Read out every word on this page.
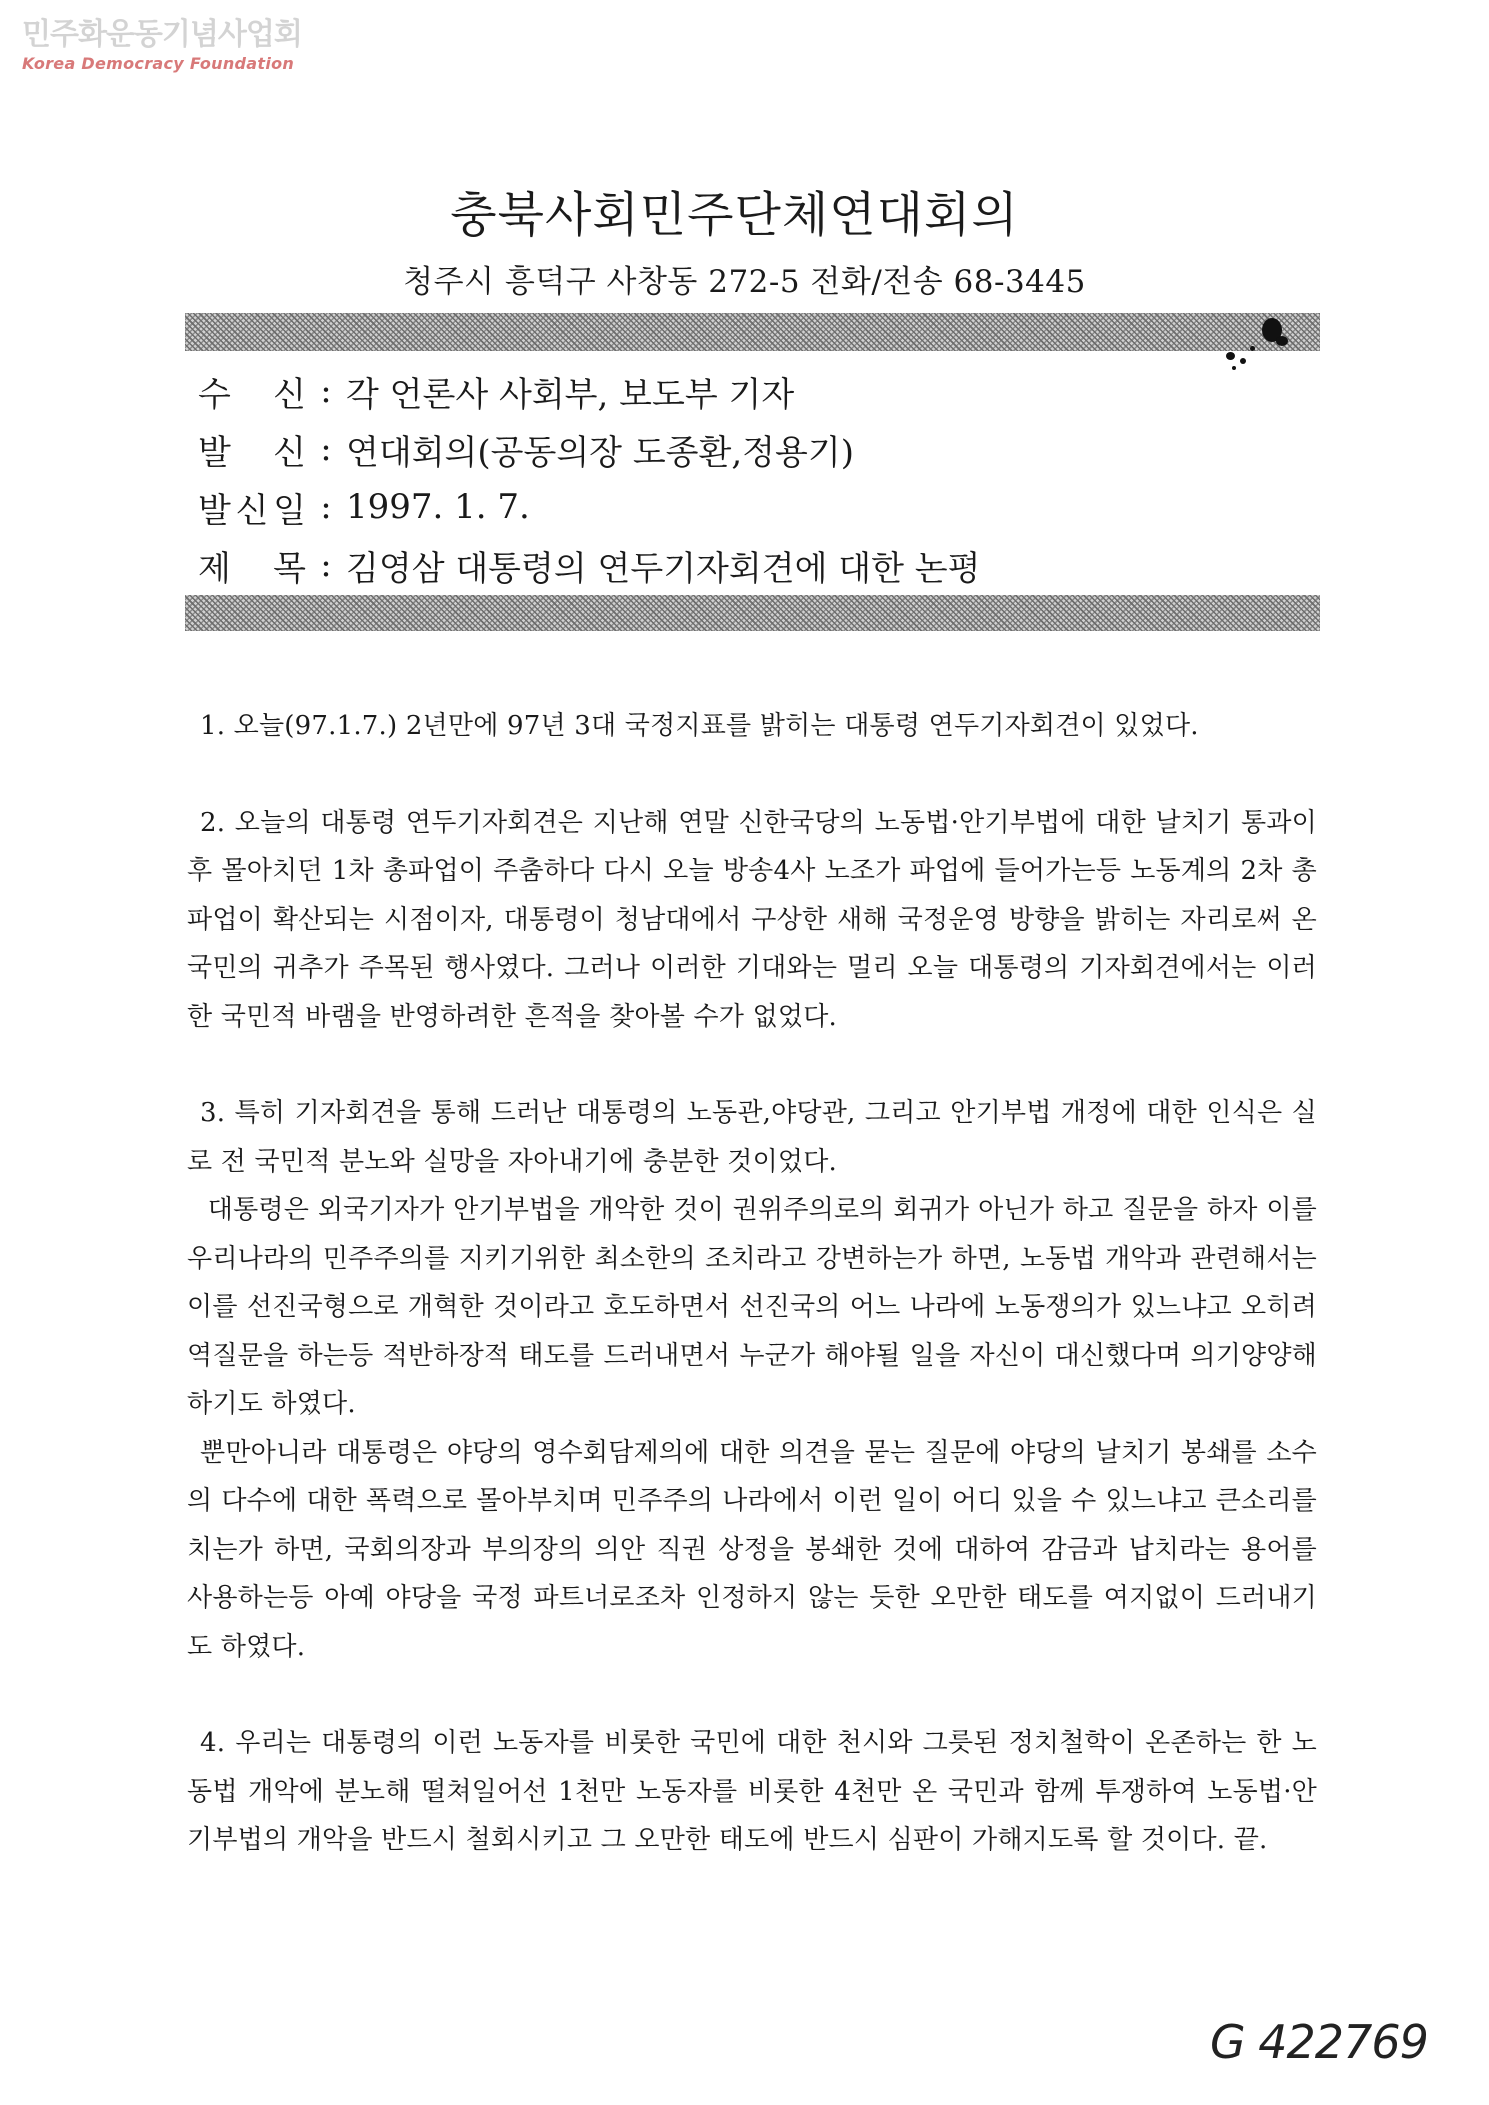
민주화운동기념사업회
Korea Democracy Foundation
충북사회민주단체연대회의
청주시 흥덕구 사창동 272-5 전화/전송 68-3445
수 신 : 각 언론사 사회부, 보도부 기자
발 신 : 연대회의(공동의장 도종환,정용기)
발 신 일 : 1997. 1. 7.
제 목 : 김영삼 대통령의 연두기자회견에 대한 논평

1. 오늘(97.1.7.) 2년만에 97년 3대 국정지표를 밝히는 대통령 연두기자회견이 있었다.

2. 오늘의 대통령 연두기자회견은 지난해 연말 신한국당의 노동법·안기부법에 대한 날치기 통과이후 몰아치던 1차 총파업이 주춤하다 다시 오늘 방송4사 노조가 파업에 들어가는등 노동계의 2차 총파업이 확산되는 시점이자, 대통령이 청남대에서 구상한 새해 국정운영 방향을 밝히는 자리로써 온 국민의 귀추가 주목된 행사였다. 그러나 이러한 기대와는 멀리 오늘 대통령의 기자회견에서는 이러한 국민적 바램을 반영하려한 흔적을 찾아볼 수가 없었다.

3. 특히 기자회견을 통해 드러난 대통령의 노동관,야당관, 그리고 안기부법 개정에 대한 인식은 실로 전 국민적 분노와 실망을 자아내기에 충분한 것이었다.

대통령은 외국기자가 안기부법을 개악한 것이 권위주의로의 회귀가 아닌가 하고 질문을 하자 이를 우리나라의 민주주의를 지키기위한 최소한의 조치라고 강변하는가 하면, 노동법 개악과 관련해서는 이를 선진국형으로 개혁한 것이라고 호도하면서 선진국의 어느 나라에 노동쟁의가 있느냐고 오히려 역질문을 하는등 적반하장적 태도를 드러내면서 누군가 해야될 일을 자신이 대신했다며 의기양양해 하기도 하였다.

뿐만아니라 대통령은 야당의 영수회담제의에 대한 의견을 묻는 질문에 야당의 날치기 봉쇄를 소수의 다수에 대한 폭력으로 몰아부치며 민주주의 나라에서 이런 일이 어디 있을 수 있느냐고 큰소리를 치는가 하면, 국회의장과 부의장의 의안 직권 상정을 봉쇄한 것에 대하여 감금과 납치라는 용어를 사용하는등 아예 야당을 국정 파트너로조차 인정하지 않는 듯한 오만한 태도를 여지없이 드러내기도 하였다.

4. 우리는 대통령의 이런 노동자를 비롯한 국민에 대한 천시와 그릇된 정치철학이 온존하는 한 노동법 개악에 분노해 떨쳐일어선 1천만 노동자를 비롯한 4천만 온 국민과 함께 투쟁하여 노동법·안기부법의 개악을 반드시 철회시키고 그 오만한 태도에 반드시 심판이 가해지도록 할 것이다. 끝.

G 422769
